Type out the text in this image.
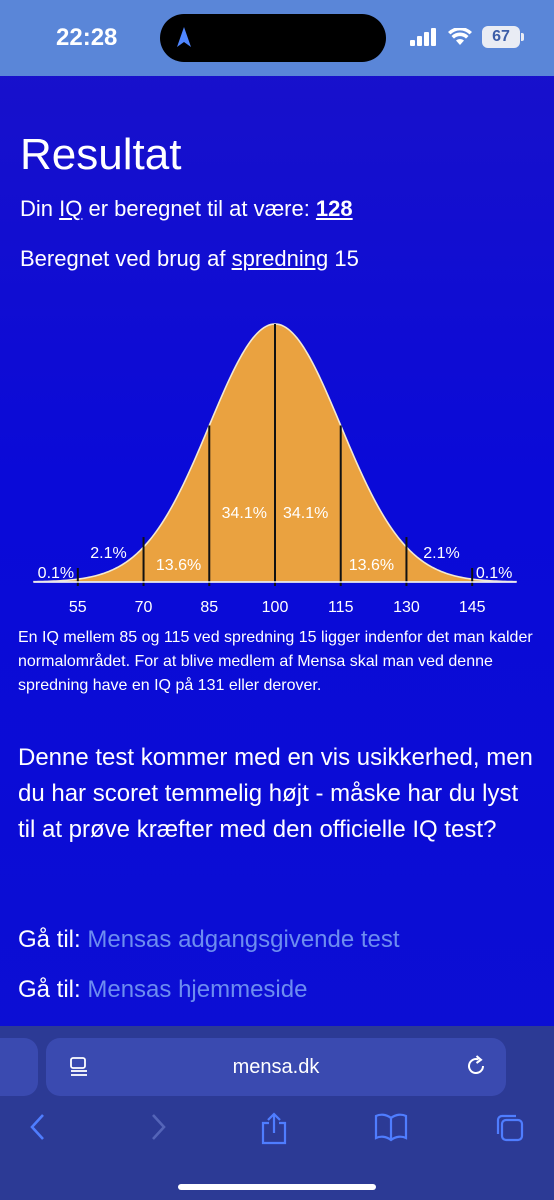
22:28	67
Resultat
Din IQ er beregnet til at være: 128
Beregnet ved brug af spredning 15
55	70	85	100 115 130 145
0.1%
2.1%
13.6%
34.1% 34.1%
13.6%
2.1%
0.1%
En IQ mellem 85 og 115 ved spredning 15 ligger indenfor det man kalder normalområdet. For at blive medlem af Mensa skal man ved denne spredning have en IQ på 131 eller derover.
Denne test kommer med en vis usikkerhed, men du har scoret temmelig højt - måske har du lyst til at prøve kræfter med den officielle IQ test?
Gå til: Mensas adgangsgivende test
Gå til: Mensas hjemmeside
mensa.dk
